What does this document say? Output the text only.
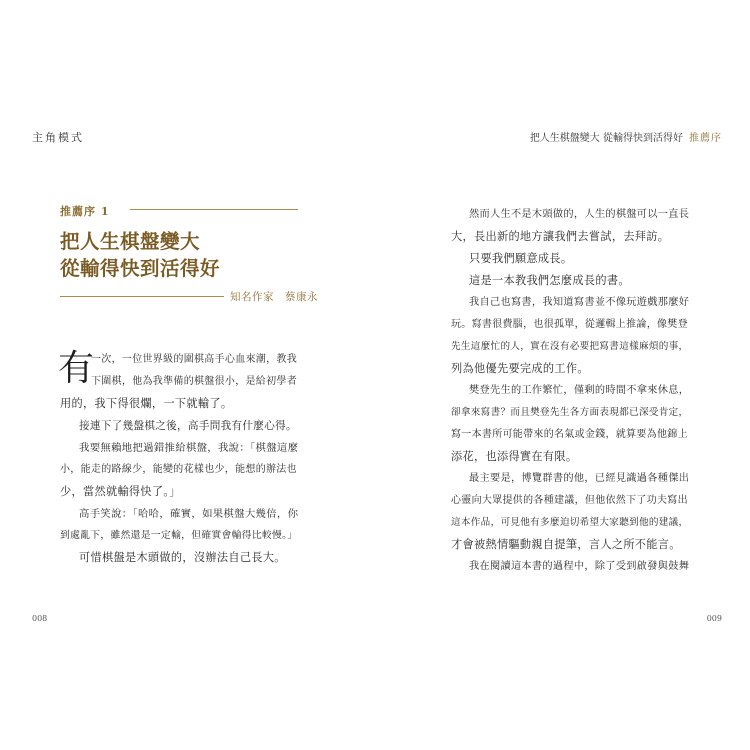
主角模式	把人生棋盤變大 從輸得快到活得好 推薦序
推薦序 1
把人生棋盤變大
從輸得快到活得好
知名作家　蔡康永
有
一次，一位世界級的圍棋高手心血來潮，教我
下圍棋，他為我準備的棋盤很小，是給初學者
用的，我下得很爛，一下就輸了。
接連下了幾盤棋之後，高手問我有什麼心得。
我要無賴地把過錯推給棋盤，我說：「棋盤這麼
小，能走的路線少，能變的花樣也少，能想的辦法也
少，當然就輸得快了。」
高手笑說：「哈哈，確實，如果棋盤大幾倍，你
到處亂下，雖然還是一定輸，但確實會輸得比較慢。」
可惜棋盤是木頭做的，沒辦法自己長大。
然而人生不是木頭做的，人生的棋盤可以一直長
大，長出新的地方讓我們去嘗試，去拜訪。
只要我們願意成長。
這是一本教我們怎麼成長的書。
我自己也寫書，我知道寫書並不像玩遊戲那麼好
玩。寫書很費腦，也很孤單，從邏輯上推論，像樊登
先生這麼忙的人，實在沒有必要把寫書這樣麻煩的事，
列為他優先要完成的工作。
樊登先生的工作繁忙，僅剩的時間不拿來休息，
卻拿來寫書？而且樊登先生各方面表現都已深受肯定，
寫一本書所可能帶來的名氣或金錢，就算要為他錦上
添花，也添得實在有限。
最主要是，博覽群書的他，已經見識過各種傑出
心靈向大眾提供的各種建議，但他依然下了功夫寫出
這本作品，可見他有多麼迫切希望大家聽到他的建議，
才會被熱情驅動親自提筆，言人之所不能言。
我在閱讀這本書的過程中，除了受到啟發與鼓舞
008	009
